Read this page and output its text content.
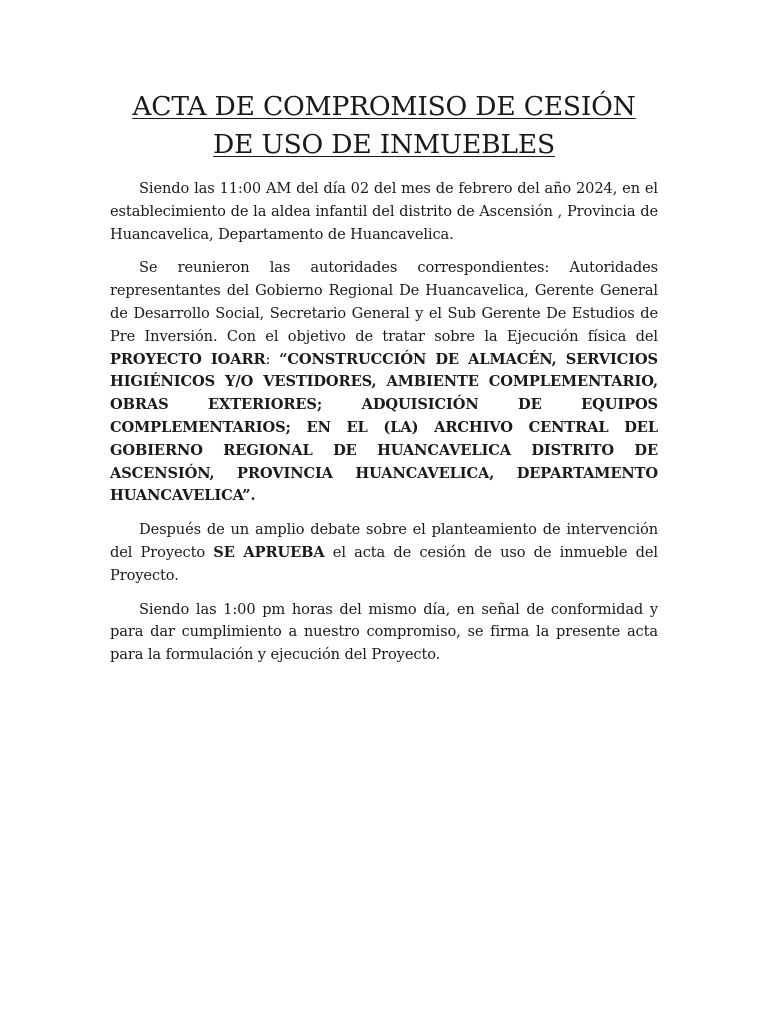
ACTA DE COMPROMISO DE CESIÓN
DE USO DE INMUEBLES

Siendo las 11:00 AM del día 02 del mes de febrero del año 2024, en el establecimiento de la aldea infantil del distrito de Ascensión , Provincia de Huancavelica, Departamento de Huancavelica.

Se reunieron las autoridades correspondientes: Autoridades representantes del Gobierno Regional De Huancavelica, Gerente General de Desarrollo Social, Secretario General y el Sub Gerente De Estudios de Pre Inversión. Con el objetivo de tratar sobre la Ejecución física del PROYECTO IOARR: “CONSTRUCCIÓN DE ALMACÉN, SERVICIOS HIGIÉNICOS Y/O VESTIDORES, AMBIENTE COMPLEMENTARIO, OBRAS EXTERIORES; ADQUISICIÓN DE EQUIPOS COMPLEMENTARIOS; EN EL (LA) ARCHIVO CENTRAL DEL GOBIERNO REGIONAL DE HUANCAVELICA DISTRITO DE ASCENSIÓN, PROVINCIA HUANCAVELICA, DEPARTAMENTO HUANCAVELICA”.

Después de un amplio debate sobre el planteamiento de intervención del Proyecto SE APRUEBA el acta de cesión de uso de inmueble del Proyecto.

Siendo las 1:00 pm horas del mismo día, en señal de conformidad y para dar cumplimiento a nuestro compromiso, se firma la presente acta para la formulación y ejecución del Proyecto.
